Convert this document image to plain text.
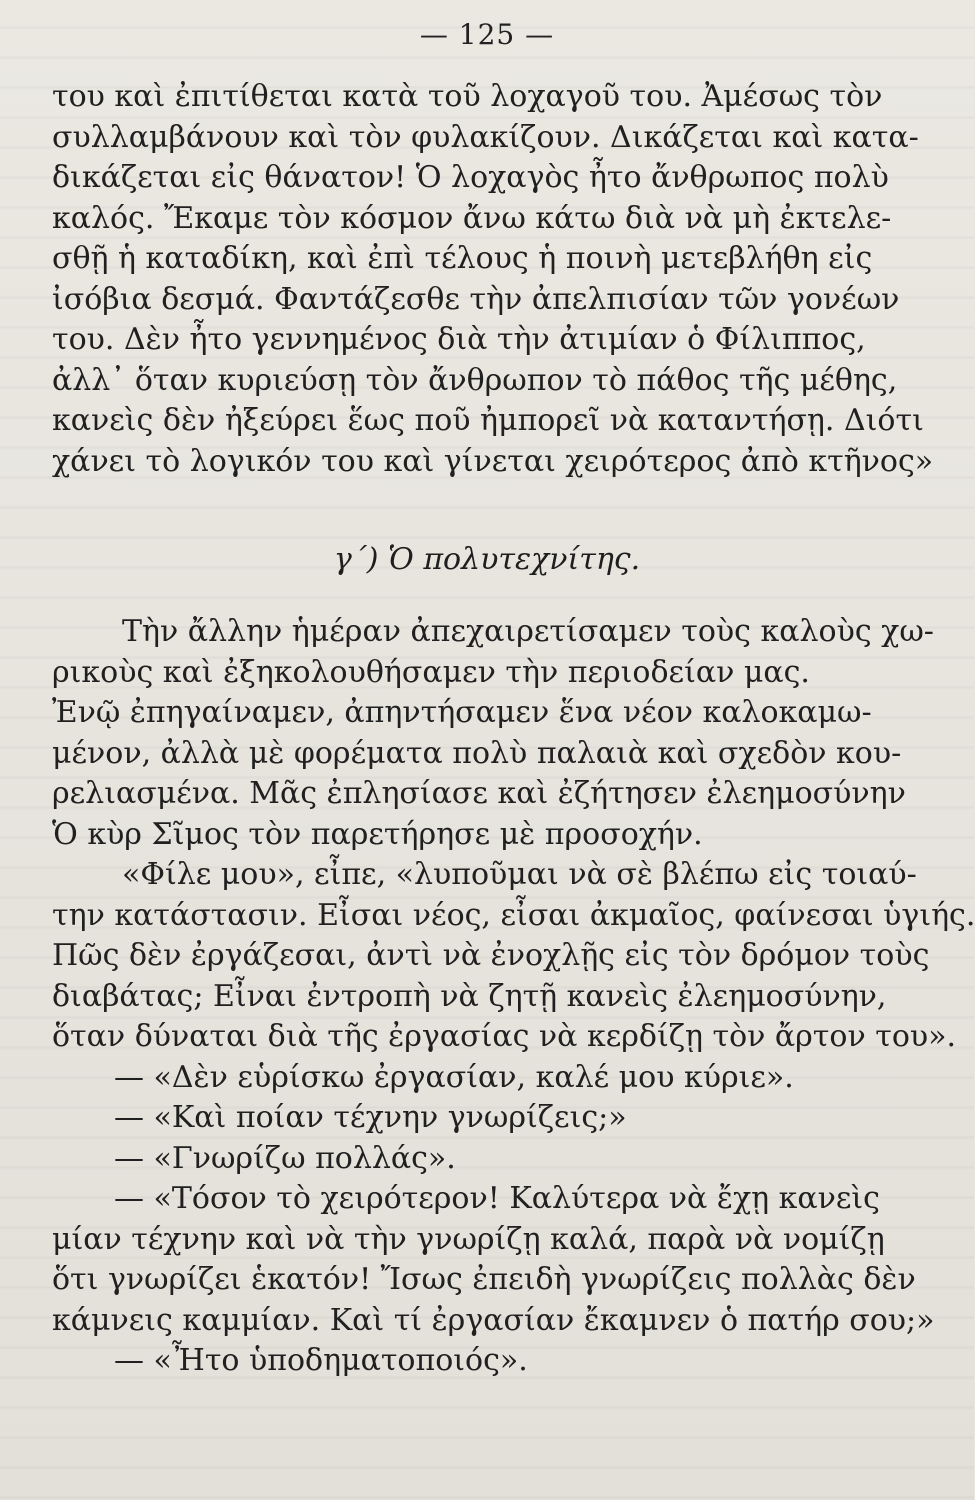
— 125 —
του καὶ ἐπιτίθεται κατὰ τοῦ λοχαγοῦ του. Ἀμέσως τὸν
συλλαμβάνουν καὶ τὸν φυλακίζουν. Δικάζεται καὶ κατα-
δικάζεται εἰς θάνατον! Ὁ λοχαγὸς ἦτο ἄνθρωπος πολὺ
καλός. Ἔκαμε τὸν κόσμον ἄνω κάτω διὰ νὰ μὴ ἐκτελε-
σθῇ ἡ καταδίκη, καὶ ἐπὶ τέλους ἡ ποινὴ μετεβλήθη εἰς
ἰσόβια δεσμά. Φαντάζεσθε τὴν ἀπελπισίαν τῶν γονέων
του. Δὲν ἦτο γεννημένος διὰ τὴν ἀτιμίαν ὁ Φίλιππος,
ἀλλ᾽ ὅταν κυριεύσῃ τὸν ἄνθρωπον τὸ πάθος τῆς μέθης,
κανεὶς δὲν ἠξεύρει ἕως ποῦ ἠμπορεῖ νὰ καταντήσῃ. Διότι
χάνει τὸ λογικόν του καὶ γίνεται χειρότερος ἀπὸ κτῆνος»
γ΄) Ὁ πολυτεχνίτης.
Τὴν ἄλλην ἡμέραν ἀπεχαιρετίσαμεν τοὺς καλοὺς χω-
ρικοὺς καὶ ἐξηκολουθήσαμεν τὴν περιοδείαν μας.
Ἐνῷ ἐπηγαίναμεν, ἀπηντήσαμεν ἕνα νέον καλοκαμω-
μένον, ἀλλὰ μὲ φορέματα πολὺ παλαιὰ καὶ σχεδὸν κου-
ρελιασμένα. Μᾶς ἐπλησίασε καὶ ἐζήτησεν ἐλεημοσύνην
Ὁ κὺρ Σῖμος τὸν παρετήρησε μὲ προσοχήν.
«Φίλε μου», εἶπε, «λυποῦμαι νὰ σὲ βλέπω εἰς τοιαύ-
την κατάστασιν. Εἶσαι νέος, εἶσαι ἀκμαῖος, φαίνεσαι ὑγιής.
Πῶς δὲν ἐργάζεσαι, ἀντὶ νὰ ἐνοχλῇς εἰς τὸν δρόμον τοὺς
διαβάτας; Εἶναι ἐντροπὴ νὰ ζητῇ κανεὶς ἐλεημοσύνην,
ὅταν δύναται διὰ τῆς ἐργασίας νὰ κερδίζῃ τὸν ἄρτον του».
— «Δὲν εὑρίσκω ἐργασίαν, καλέ μου κύριε».
— «Καὶ ποίαν τέχνην γνωρίζεις;»
— «Γνωρίζω πολλάς».
— «Τόσον τὸ χειρότερον! Καλύτερα νὰ ἔχῃ κανεὶς
μίαν τέχνην καὶ νὰ τὴν γνωρίζῃ καλά, παρὰ νὰ νομίζῃ
ὅτι γνωρίζει ἑκατόν! Ἴσως ἐπειδὴ γνωρίζεις πολλὰς δὲν
κάμνεις καμμίαν. Καὶ τί ἐργασίαν ἔκαμνεν ὁ πατήρ σου;»
— «Ἦτο ὑποδηματοποιός».
